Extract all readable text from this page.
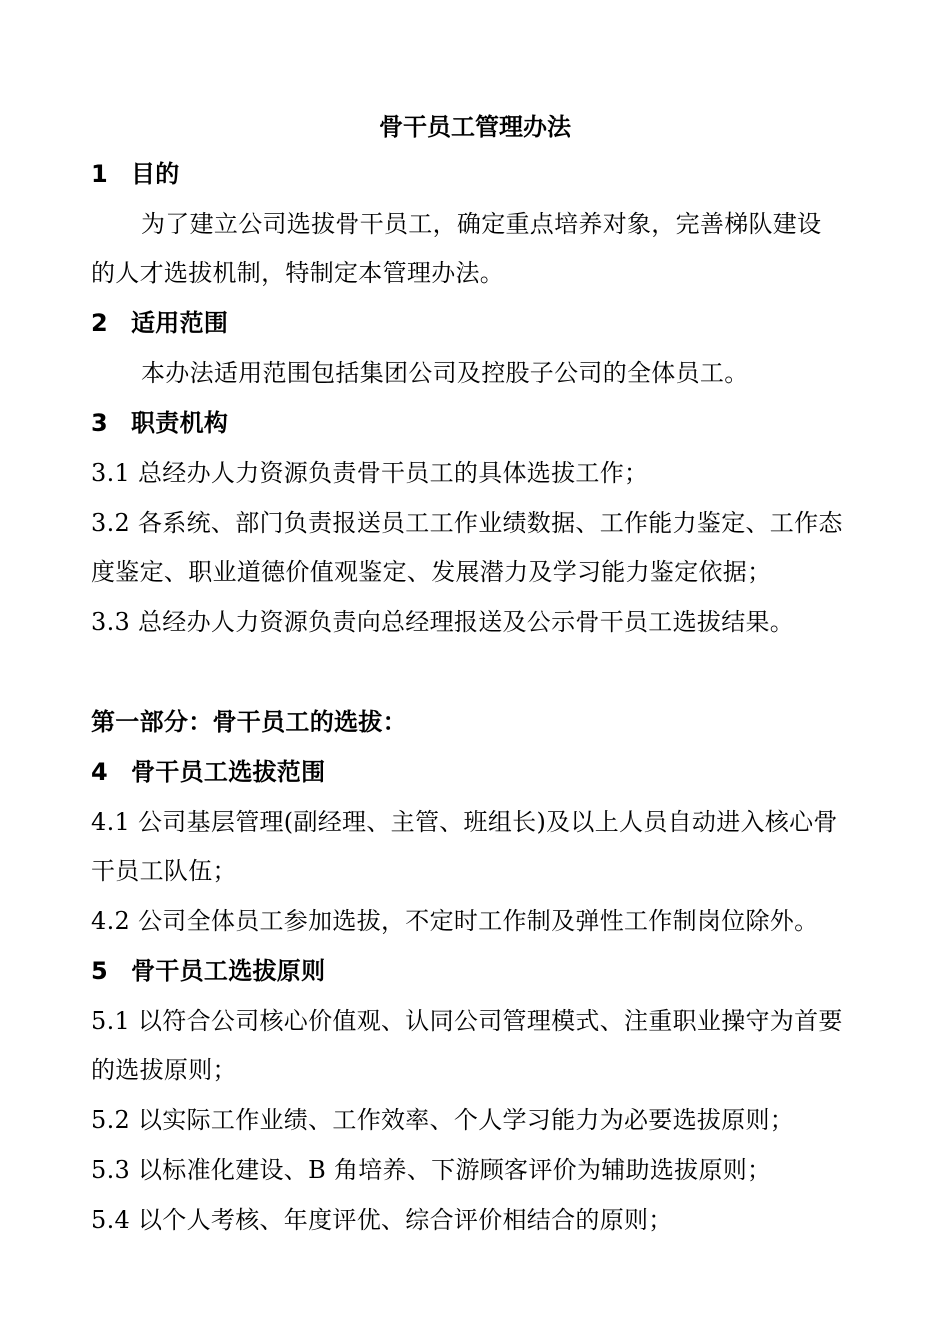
骨干员工管理办法
1 目的
为了建立公司选拔骨干员工，确定重点培养对象，完善梯队建设
的人才选拔机制，特制定本管理办法。
2 适用范围
本办法适用范围包括集团公司及控股子公司的全体员工。
3 职责机构
3.1 总经办人力资源负责骨干员工的具体选拔工作；
3.2 各系统、部门负责报送员工工作业绩数据、工作能力鉴定、工作态
度鉴定、职业道德价值观鉴定、发展潜力及学习能力鉴定依据；
3.3 总经办人力资源负责向总经理报送及公示骨干员工选拔结果。
第一部分：骨干员工的选拔：
4 骨干员工选拔范围
4.1 公司基层管理(副经理、主管、班组长)及以上人员自动进入核心骨
干员工队伍；
4.2 公司全体员工参加选拔，不定时工作制及弹性工作制岗位除外。
5 骨干员工选拔原则
5.1 以符合公司核心价值观、认同公司管理模式、注重职业操守为首要
的选拔原则；
5.2 以实际工作业绩、工作效率、个人学习能力为必要选拔原则；
5.3 以标准化建设、B 角培养、下游顾客评价为辅助选拔原则；
5.4 以个人考核、年度评优、综合评价相结合的原则；
